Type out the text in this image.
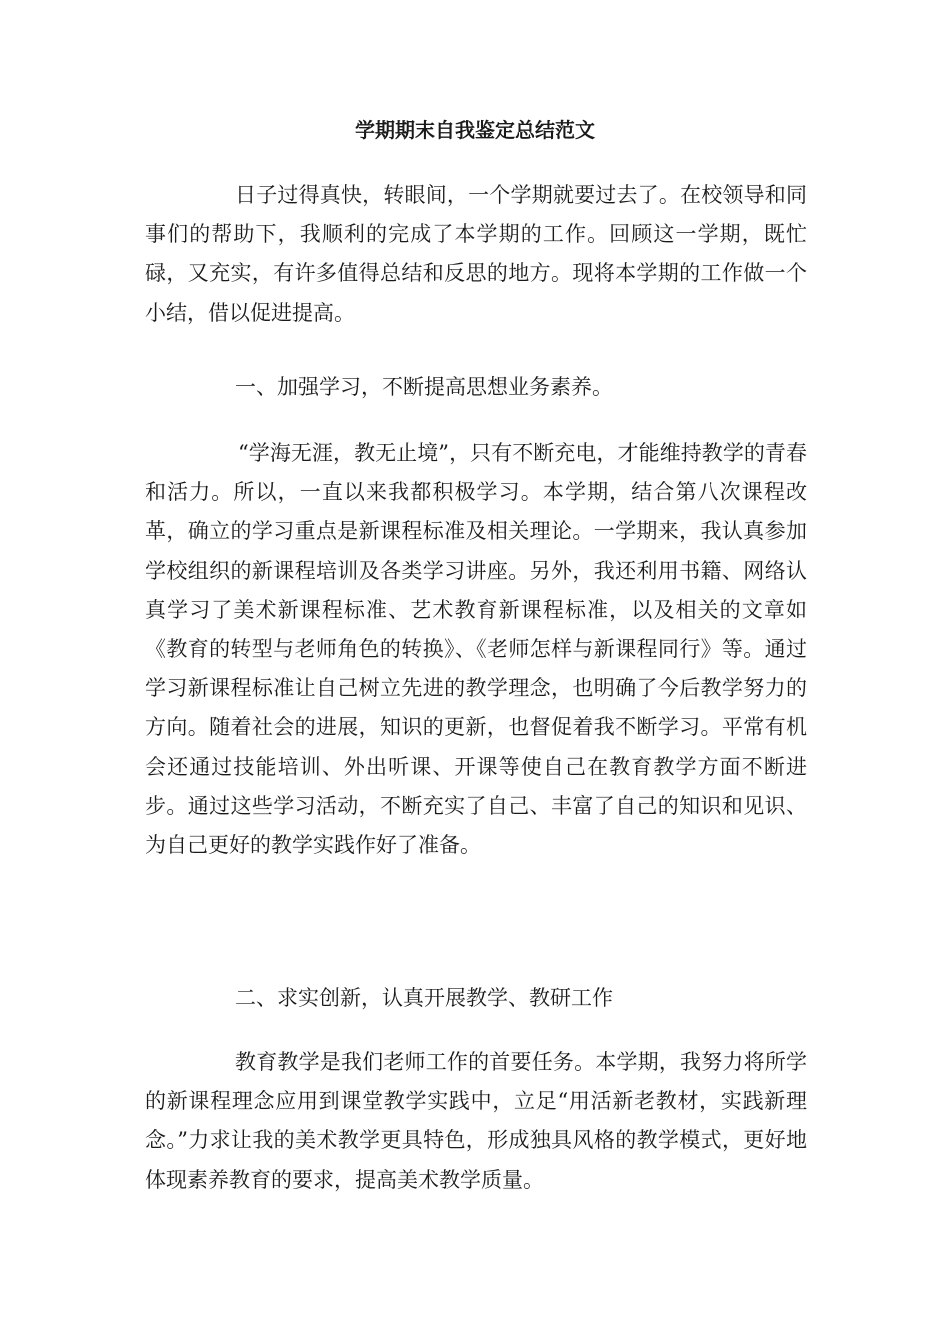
学期期末自我鉴定总结范文

日子过得真快，转眼间，一个学期就要过去了。在校领导和同事们的帮助下，我顺利的完成了本学期的工作。回顾这一学期，既忙碌，又充实，有许多值得总结和反思的地方。现将本学期的工作做一个小结，借以促进提高。

一、加强学习，不断提高思想业务素养。

“学海无涯，教无止境”，只有不断充电，才能维持教学的青春和活力。所以，一直以来我都积极学习。本学期，结合第八次课程改革，确立的学习重点是新课程标准及相关理论。一学期来，我认真参加学校组织的新课程培训及各类学习讲座。另外，我还利用书籍、网络认真学习了美术新课程标准、艺术教育新课程标准，以及相关的文章如《教育的转型与老师角色的转换》、《老师怎样与新课程同行》等。通过学习新课程标准让自己树立先进的教学理念，也明确了今后教学努力的方向。随着社会的进展，知识的更新，也督促着我不断学习。平常有机会还通过技能培训、外出听课、开课等使自己在教育教学方面不断进步。通过这些学习活动，不断充实了自己、丰富了自己的知识和见识、为自己更好的教学实践作好了准备。

二、求实创新，认真开展教学、教研工作

教育教学是我们老师工作的首要任务。本学期，我努力将所学的新课程理念应用到课堂教学实践中，立足“用活新老教材，实践新理念。”力求让我的美术教学更具特色，形成独具风格的教学模式，更好地体现素养教育的要求，提高美术教学质量。
